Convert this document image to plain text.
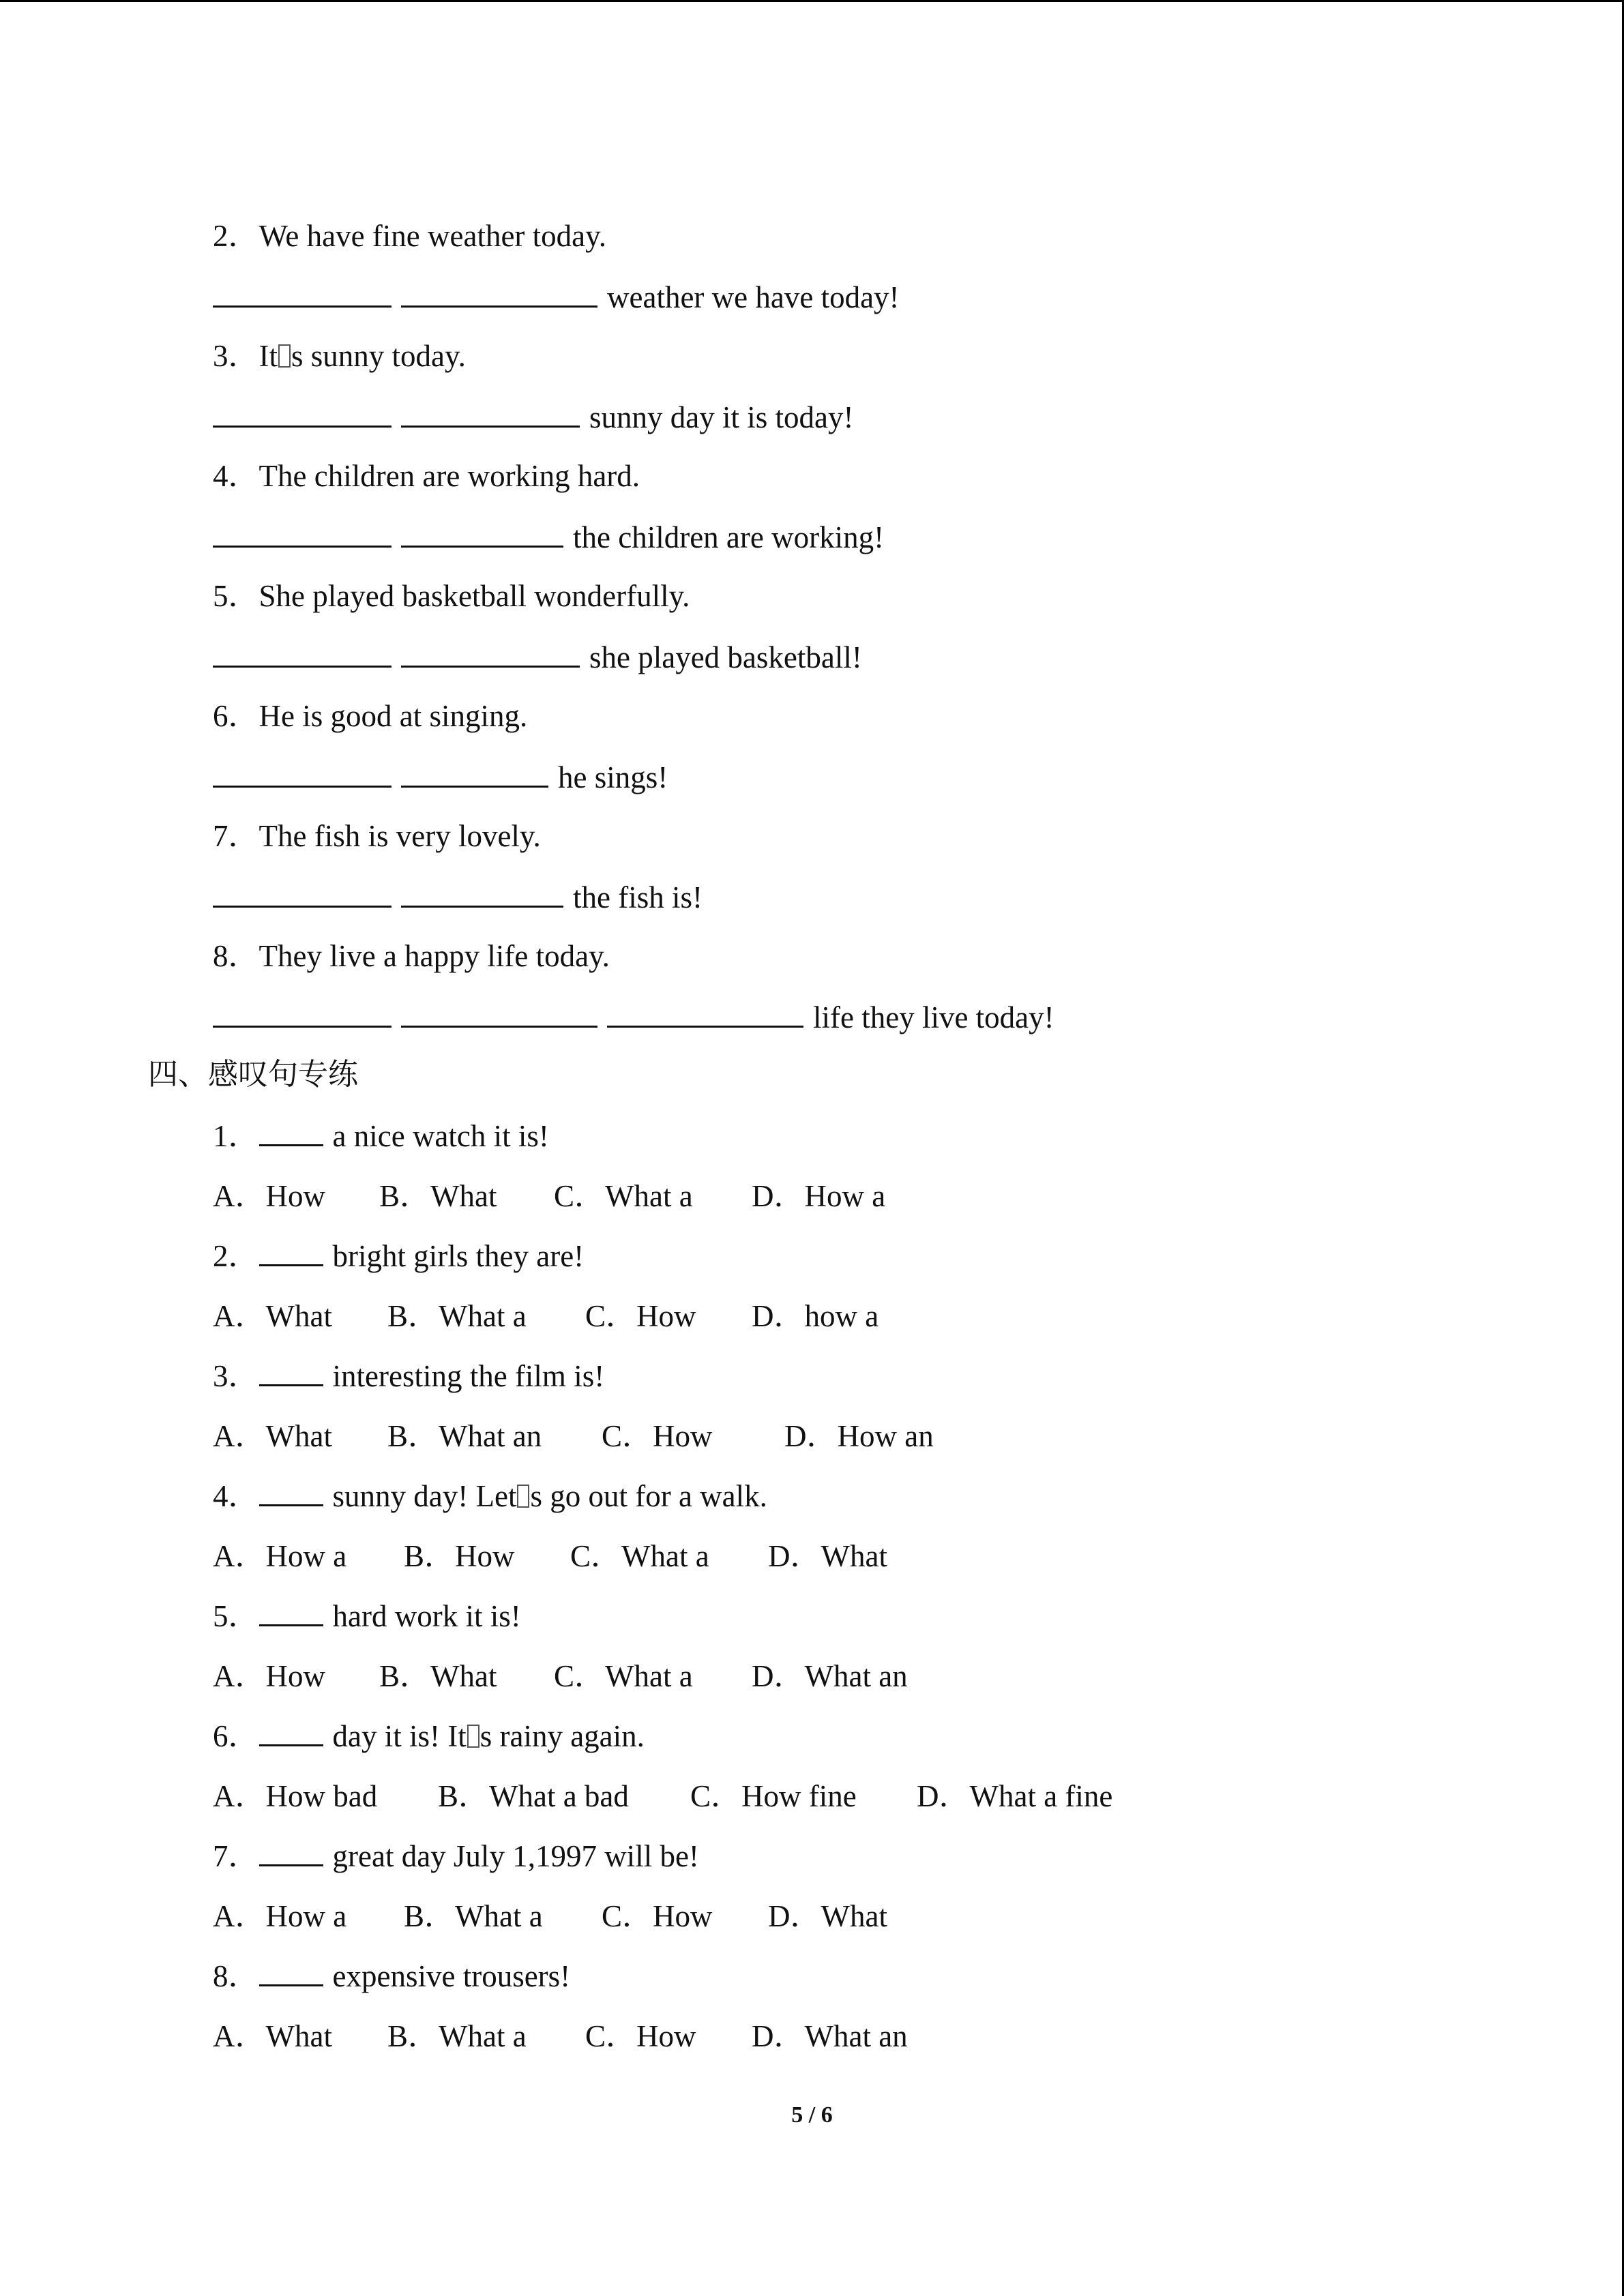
2．We have fine weather today.
weather we have today!
3．It s sunny today.
sunny day it is today!
4．The children are working hard.
the children are working!
5．She played basketball wonderfully.
she played basketball!
6．He is good at singing.
he sings!
7．The fish is very lovely.
the fish is!
8．They live a happy life today.
life they live today!
四、感叹句专练
1． a nice watch it is!
A．How B．What C．What a D．How a
2． bright girls they are!
A．What B．What a C．How D．how a
3． interesting the film is!
A．What B．What an C．How D．How an
4． sunny day! Let s go out for a walk.
A．How a B．How C．What a D．What
5． hard work it is!
A．How B．What C．What a D．What an
6． day it is! It s rainy again.
A．How bad B．What a bad C．How fine D．What a fine
7． great day July 1,1997 will be!
A．How a B．What a C．How D．What
8． expensive trousers!
A．What B．What a C．How D．What an
5 / 6
